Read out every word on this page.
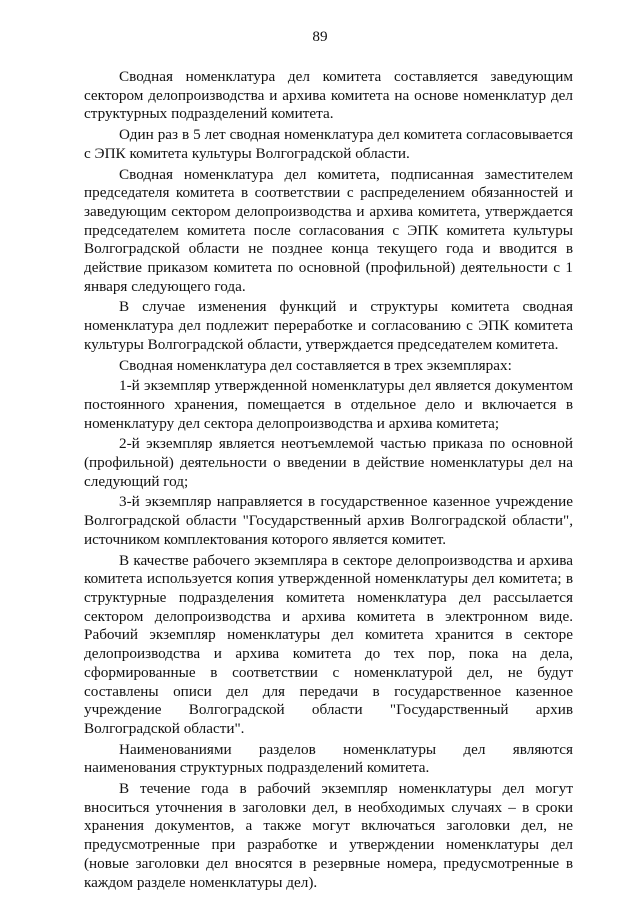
89

Сводная номенклатура дел комитета составляется заведующим сектором делопроизводства и архива комитета на основе номенклатур дел структурных подразделений комитета.

Один раз в 5 лет сводная номенклатура дел комитета согласовывается с ЭПК комитета культуры Волгоградской области.

Сводная номенклатура дел комитета, подписанная заместителем председателя комитета в соответствии с распределением обязанностей и заведующим сектором делопроизводства и архива комитета, утверждается председателем комитета после согласования с ЭПК комитета культуры Волгоградской области не позднее конца текущего года и вводится в действие приказом комитета по основной (профильной) деятельности с 1 января следующего года.

В случае изменения функций и структуры комитета сводная номенклатура дел подлежит переработке и согласованию с ЭПК комитета культуры Волгоградской области, утверждается председателем комитета.

Сводная номенклатура дел составляется в трех экземплярах:

1-й экземпляр утвержденной номенклатуры дел является документом постоянного хранения, помещается в отдельное дело и включается в номенклатуру дел сектора делопроизводства и архива комитета;

2-й экземпляр является неотъемлемой частью приказа по основной (профильной) деятельности о введении в действие номенклатуры дел на следующий год;

3-й экземпляр направляется в государственное казенное учреждение Волгоградской области "Государственный архив Волгоградской области", источником комплектования которого является комитет.

В качестве рабочего экземпляра в секторе делопроизводства и архива комитета используется копия утвержденной номенклатуры дел комитета; в структурные подразделения комитета номенклатура дел рассылается сектором делопроизводства и архива комитета в электронном виде. Рабочий экземпляр номенклатуры дел комитета хранится в секторе делопроизводства и архива комитета до тех пор, пока на дела, сформированные в соответствии с номенклатурой дел, не будут составлены описи дел для передачи в государственное казенное учреждение Волгоградской области "Государственный архив Волгоградской области".

Наименованиями разделов номенклатуры дел являются наименования структурных подразделений комитета.

В течение года в рабочий экземпляр номенклатуры дел могут вноситься уточнения в заголовки дел, в необходимых случаях – в сроки хранения документов, а также могут включаться заголовки дел, не предусмотренные при разработке и утверждении номенклатуры дел (новые заголовки дел вносятся в резервные номера, предусмотренные в каждом разделе номенклатуры дел).
